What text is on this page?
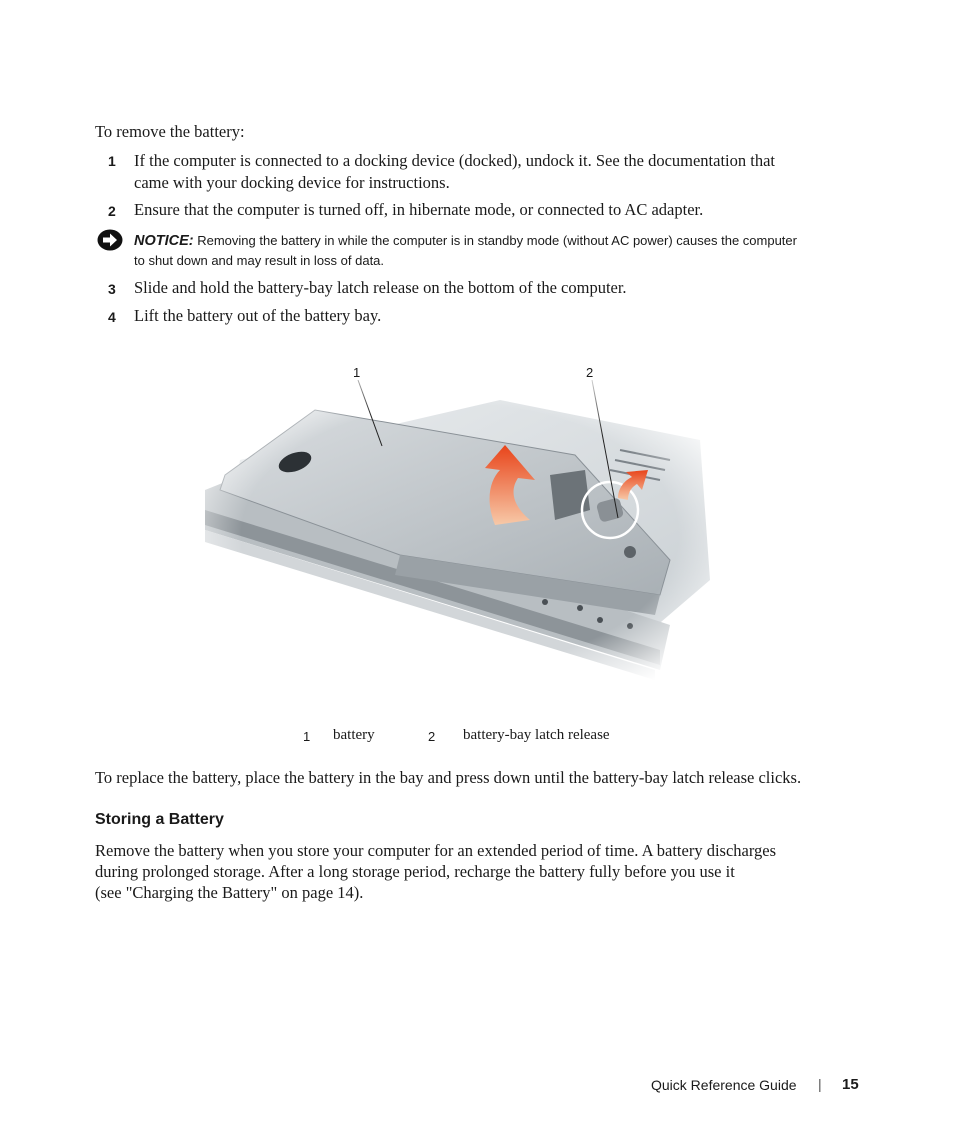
To remove the battery:
1 If the computer is connected to a docking device (docked), undock it. See the documentation that
came with your docking device for instructions.
2 Ensure that the computer is turned off, in hibernate mode, or connected to AC adapter.
NOTICE: Removing the battery in while the computer is in standby mode (without AC power) causes the computer
to shut down and may result in loss of data.
3 Slide and hold the battery-bay latch release on the bottom of the computer.
4 Lift the battery out of the battery bay.
1	2
1 battery	2 battery-bay latch release
To replace the battery, place the battery in the bay and press down until the battery-bay latch release clicks.
Storing a Battery
Remove the battery when you store your computer for an extended period of time. A battery discharges
during prolonged storage. After a long storage period, recharge the battery fully before you use it
(see "Charging the Battery" on page 14).
Quick Reference Guide | 15
